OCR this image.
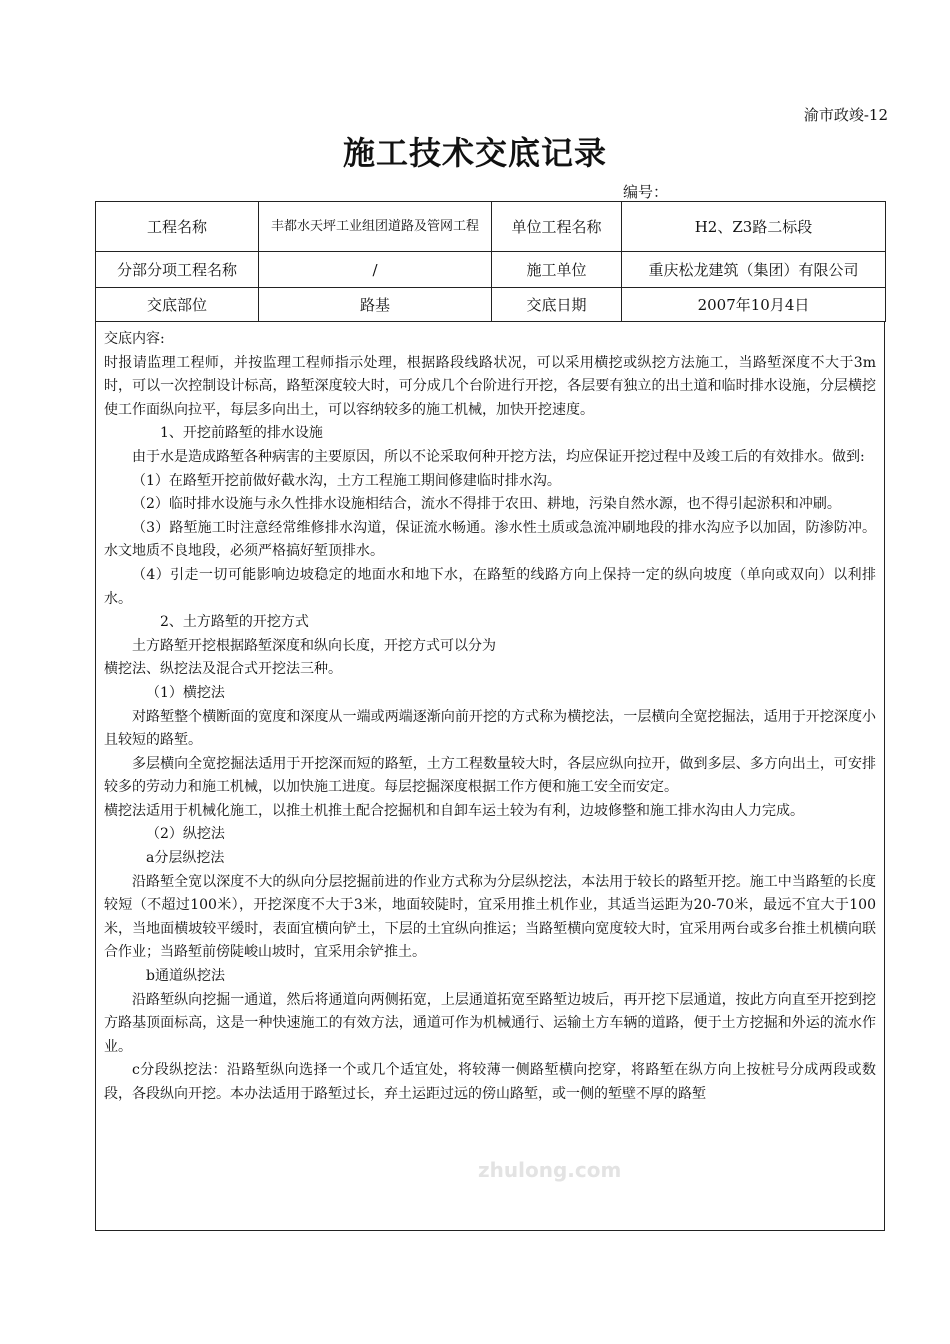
渝市政竣-12
施工技术交底记录
编号：
工程名称	丰都水天坪工业组团道路及管网工程	单位工程名称	H2、Z3路二标段
分部分项工程名称	/	施工单位	重庆松龙建筑（集团）有限公司
交底部位	路基	交底日期	2007年10月4日

交底内容:

时报请监理工程师，并按监理工程师指示处理，根据路段线路状况，可以采用横挖或纵挖方法施工，当路堑深度不大于3m时，可以一次控制设计标高，路堑深度较大时，可分成几个台阶进行开挖，各层要有独立的出土道和临时排水设施，分层横挖使工作面纵向拉平，每层多向出土，可以容纳较多的施工机械，加快开挖速度。

1、开挖前路堑的排水设施

由于水是造成路堑各种病害的主要原因，所以不论采取何种开挖方法，均应保证开挖过程中及竣工后的有效排水。做到:

（1）在路堑开挖前做好截水沟，土方工程施工期间修建临时排水沟。

（2）临时排水设施与永久性排水设施相结合，流水不得排于农田、耕地，污染自然水源，也不得引起淤积和冲刷。

（3）路堑施工时注意经常维修排水沟道，保证流水畅通。渗水性土质或急流冲刷地段的排水沟应予以加固，防渗防冲。水文地质不良地段，必须严格搞好堑顶排水。

（4）引走一切可能影响边坡稳定的地面水和地下水，在路堑的线路方向上保持一定的纵向坡度（单向或双向）以利排水。

2、土方路堑的开挖方式

土方路堑开挖根据路堑深度和纵向长度，开挖方式可以分为

横挖法、纵挖法及混合式开挖法三种。

（1）横挖法

对路堑整个横断面的宽度和深度从一端或两端逐渐向前开挖的方式称为横挖法，一层横向全宽挖掘法，适用于开挖深度小且较短的路堑。

多层横向全宽挖掘法适用于开挖深而短的路堑，土方工程数量较大时，各层应纵向拉开，做到多层、多方向出土，可安排较多的劳动力和施工机械，以加快施工进度。每层挖掘深度根据工作方便和施工安全而安定。

横挖法适用于机械化施工，以推土机推土配合挖掘机和自卸车运土较为有利，边坡修整和施工排水沟由人力完成。

（2）纵挖法

a分层纵挖法

沿路堑全宽以深度不大的纵向分层挖掘前进的作业方式称为分层纵挖法，本法用于较长的路堑开挖。施工中当路堑的长度较短（不超过100米），开挖深度不大于3米，地面较陡时，宜采用推土机作业，其适当运距为20-70米，最远不宜大于100米，当地面横坡较平缓时，表面宜横向铲土，下层的土宜纵向推运；当路堑横向宽度较大时，宜采用两台或多台推土机横向联合作业；当路堑前傍陡峻山坡时，宜采用余铲推土。

b通道纵挖法

沿路堑纵向挖掘一通道，然后将通道向两侧拓宽，上层通道拓宽至路堑边坡后，再开挖下层通道，按此方向直至开挖到挖方路基顶面标高，这是一种快速施工的有效方法，通道可作为机械通行、运输土方车辆的道路，便于土方挖掘和外运的流水作业。

c分段纵挖法：沿路堑纵向选择一个或几个适宜处，将较薄一侧路堑横向挖穿，将路堑在纵方向上按桩号分成两段或数段，各段纵向开挖。本办法适用于路堑过长，弃土运距过远的傍山路堑，或一侧的堑壁不厚的路堑

zhulong.com
